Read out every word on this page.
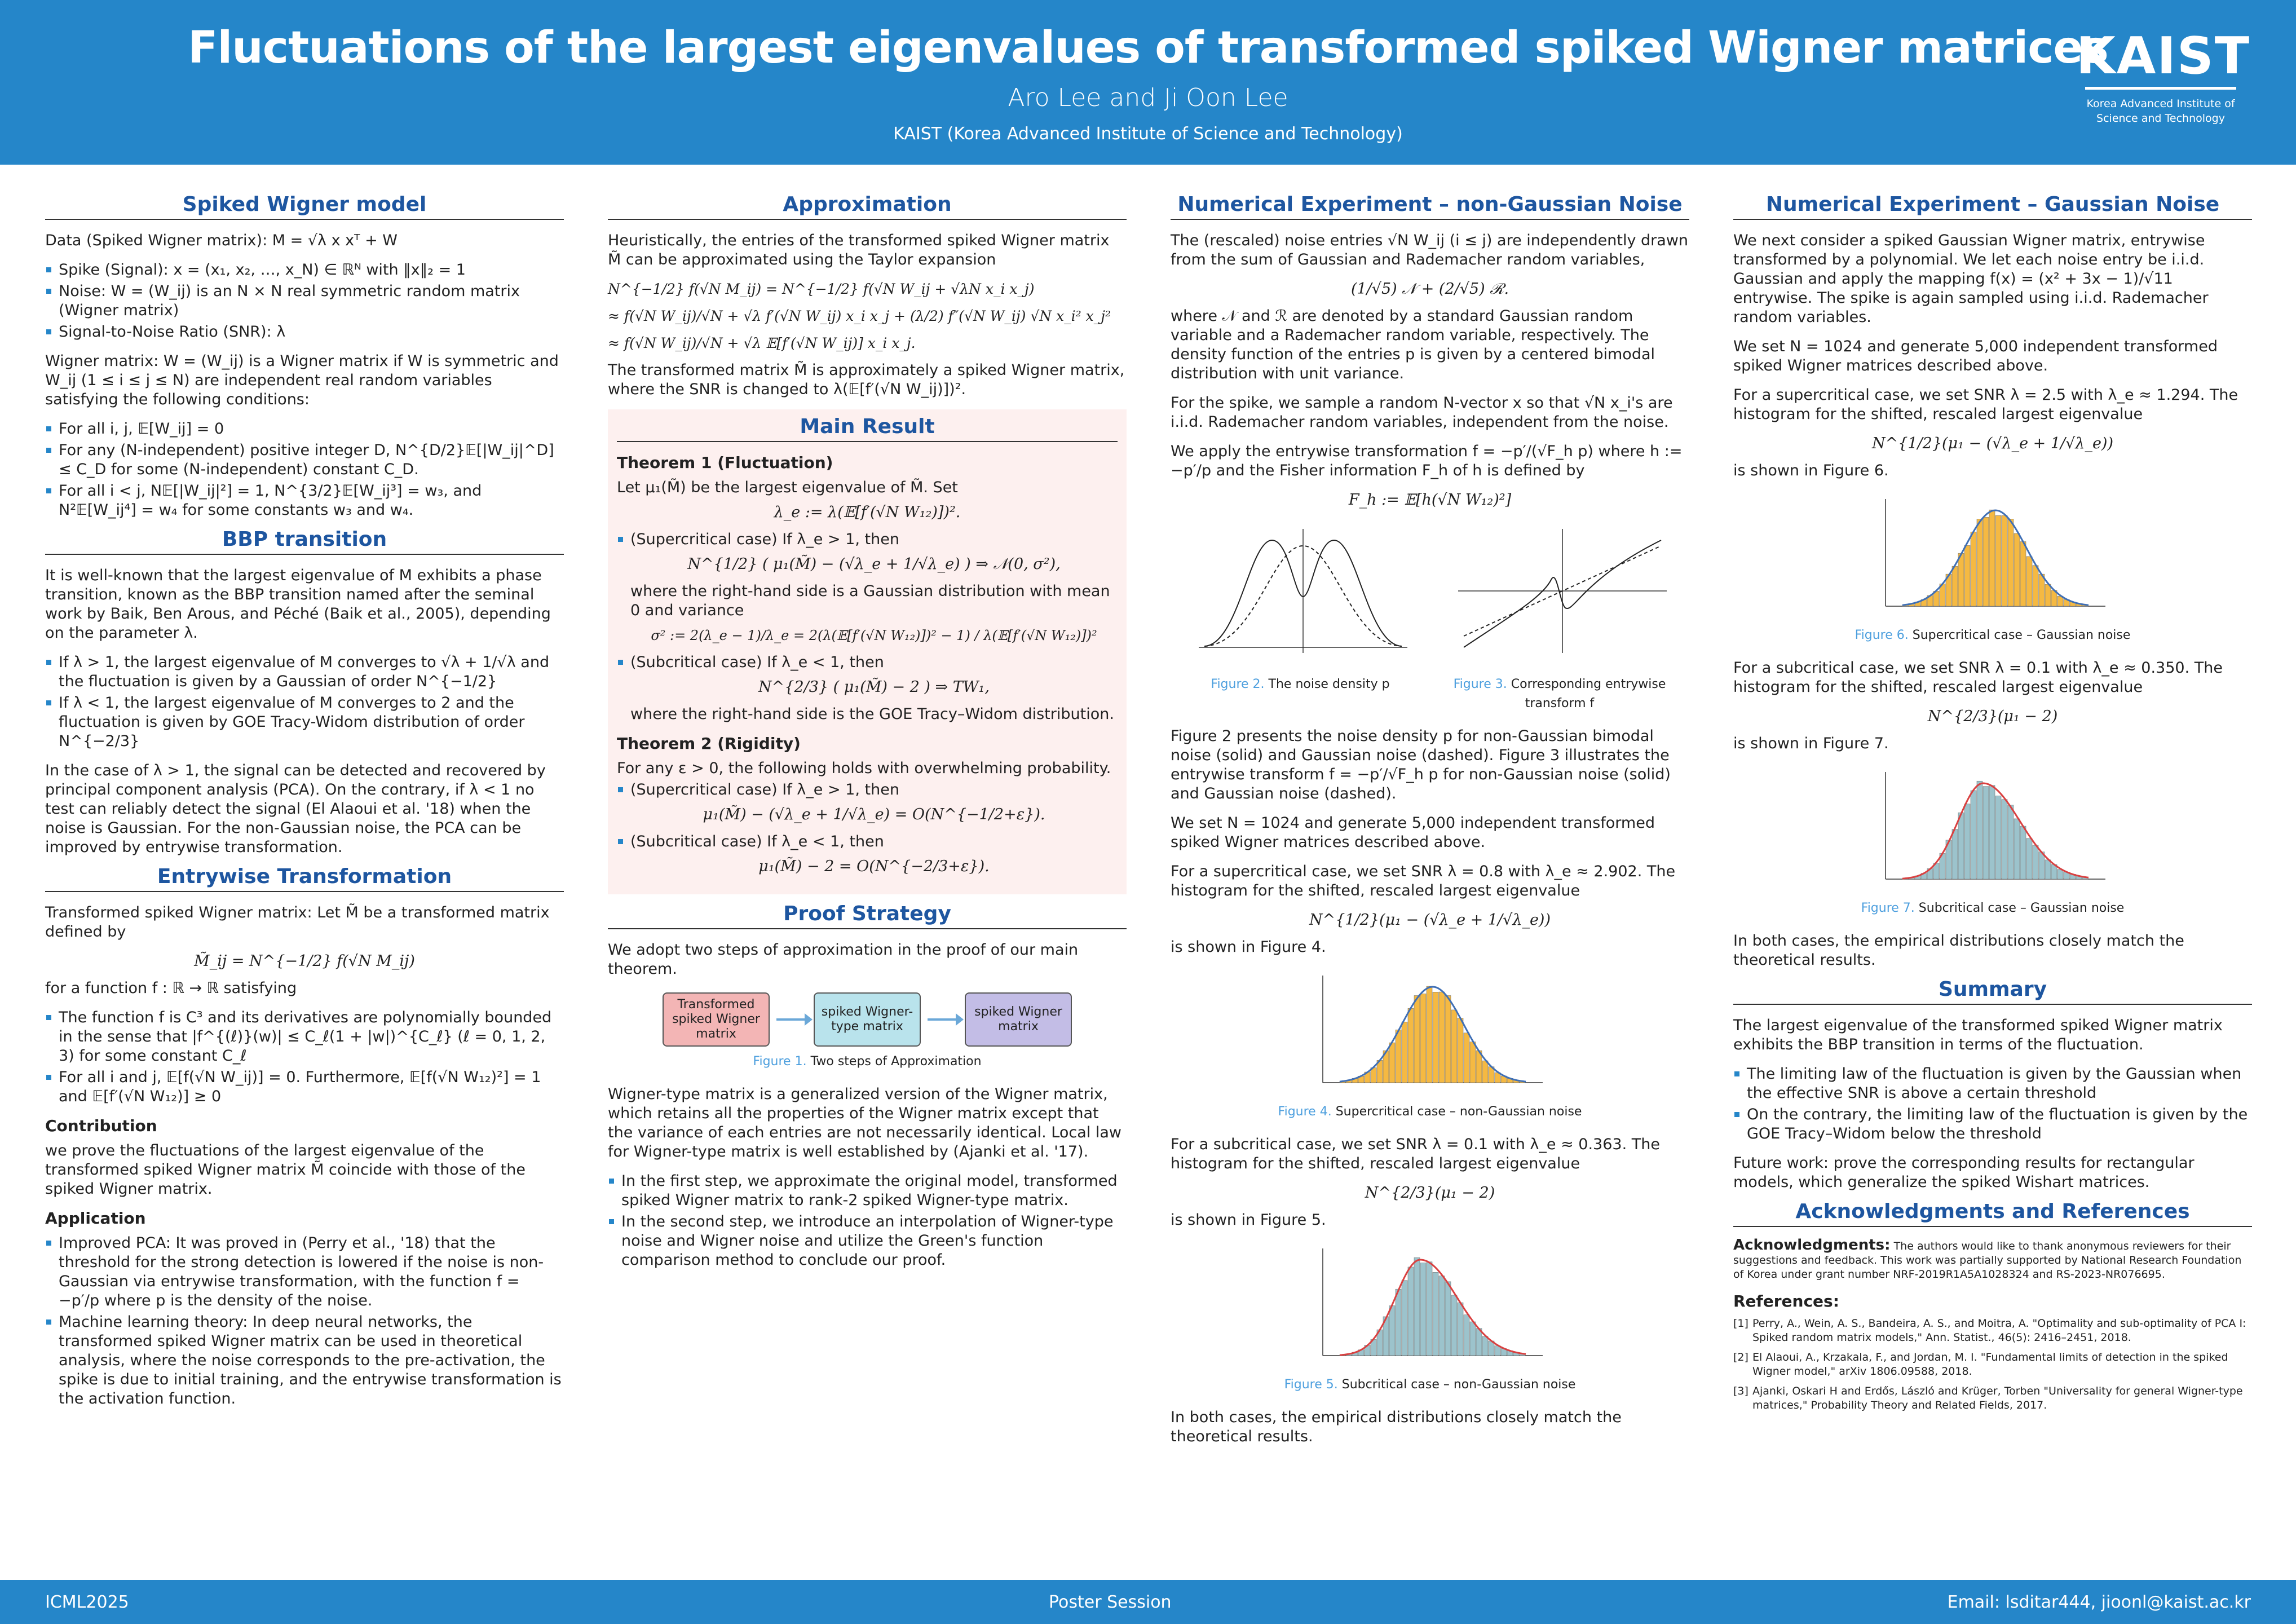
Fluctuations of the largest eigenvalues of transformed spiked Wigner matrices
Aro Lee and Ji Oon Lee
KAIST (Korea Advanced Institute of Science and Technology)
KAIST
Korea Advanced Institute of Science and Technology
Spiked Wigner model

Data (Spiked Wigner matrix): M = √λ x xᵀ + W

Spike (Signal): x = (x₁, x₂, …, x_N) ∈ ℝᴺ with ‖x‖₂ = 1
Noise: W = (W_ij) is an N × N real symmetric random matrix (Wigner matrix)
Signal-to-Noise Ratio (SNR): λ

Wigner matrix: W = (W_ij) is a Wigner matrix if W is symmetric and W_ij (1 ≤ i ≤ j ≤ N) are independent real random variables satisfying the following conditions:

For all i, j, 𝔼[W_ij] = 0
For any (N-independent) positive integer D, N^{D/2}𝔼[|W_ij|^D] ≤ C_D for some (N-independent) constant C_D.
For all i < j, N𝔼[|W_ij|²] = 1, N^{3/2}𝔼[W_ij³] = w₃, and N²𝔼[W_ij⁴] = w₄ for some constants w₃ and w₄.
BBP transition

It is well-known that the largest eigenvalue of M exhibits a phase transition, known as the BBP transition named after the seminal work by Baik, Ben Arous, and Péché (Baik et al., 2005), depending on the parameter λ.

If λ > 1, the largest eigenvalue of M converges to √λ + 1/√λ and the fluctuation is given by a Gaussian of order N^{−1/2}
If λ < 1, the largest eigenvalue of M converges to 2 and the fluctuation is given by GOE Tracy-Widom distribution of order N^{−2/3}

In the case of λ > 1, the signal can be detected and recovered by principal component analysis (PCA). On the contrary, if λ < 1 no test can reliably detect the signal (El Alaoui et al. '18) when the noise is Gaussian. For the non-Gaussian noise, the PCA can be improved by entrywise transformation.

Entrywise Transformation

Transformed spiked Wigner matrix: Let M̃ be a transformed matrix defined by

M̃_ij = N^{−1/2} f(√N M_ij)

for a function f : ℝ → ℝ satisfying

The function f is C³ and its derivatives are polynomially bounded in the sense that |f^{(ℓ)}(w)| ≤ C_ℓ(1 + |w|)^{C_ℓ} (ℓ = 0, 1, 2, 3) for some constant C_ℓ
For all i and j, 𝔼[f(√N W_ij)] = 0. Furthermore, 𝔼[f(√N W₁₂)²] = 1 and 𝔼[f′(√N W₁₂)] ≥ 0
Contribution

we prove the fluctuations of the largest eigenvalue of the transformed spiked Wigner matrix M̃ coincide with those of the spiked Wigner matrix.

Application
Improved PCA: It was proved in (Perry et al., '18) that the threshold for the strong detection is lowered if the noise is non-Gaussian via entrywise transformation, with the function f = −p′/p where p is the density of the noise.
Machine learning theory: In deep neural networks, the transformed spiked Wigner matrix can be used in theoretical analysis, where the noise corresponds to the pre-activation, the spike is due to initial training, and the entrywise transformation is the activation function.
Approximation

Heuristically, the entries of the transformed spiked Wigner matrix M̃ can be approximated using the Taylor expansion

N^{−1/2} f(√N M_ij) = N^{−1/2} f(√N W_ij + √λN x_i x_j)
≈ f(√N W_ij)/√N + √λ f′(√N W_ij) x_i x_j + (λ/2) f″(√N W_ij) √N x_i² x_j²
≈ f(√N W_ij)/√N + √λ 𝔼[f′(√N W_ij)] x_i x_j.

The transformed matrix M̃ is approximately a spiked Wigner matrix, where the SNR is changed to λ(𝔼[f′(√N W_ij)])².

Main Result
Theorem 1 (Fluctuation)

Let μ₁(M̃) be the largest eigenvalue of M̃. Set

λ_e := λ(𝔼[f′(√N W₁₂)])².
(Supercritical case) If λ_e > 1, then
N^{1/2} ( μ₁(M̃) − (√λ_e + 1/√λ_e) ) ⇒ 𝒩(0, σ²),
where the right-hand side is a Gaussian distribution with mean 0 and variance
σ² := 2(λ_e − 1)/λ_e = 2(λ(𝔼[f′(√N W₁₂)])² − 1) / λ(𝔼[f′(√N W₁₂)])²
(Subcritical case) If λ_e < 1, then
N^{2/3} ( μ₁(M̃) − 2 ) ⇒ TW₁,
where the right-hand side is the GOE Tracy–Widom distribution.
Theorem 2 (Rigidity)

For any ε > 0, the following holds with overwhelming probability.

(Supercritical case) If λ_e > 1, then
μ₁(M̃) − (√λ_e + 1/√λ_e) = O(N^{−1/2+ε}).
(Subcritical case) If λ_e < 1, then
μ₁(M̃) − 2 = O(N^{−2/3+ε}).
Proof Strategy

We adopt two steps of approximation in the proof of our main theorem.

Transformed spiked Wigner matrix
spiked Wigner-type matrix
spiked Wigner matrix
Figure 1. Two steps of Approximation

Wigner-type matrix is a generalized version of the Wigner matrix, which retains all the properties of the Wigner matrix except that the variance of each entries are not necessarily identical. Local law for Wigner-type matrix is well established by (Ajanki et al. '17).

In the first step, we approximate the original model, transformed spiked Wigner matrix to rank-2 spiked Wigner-type matrix.
In the second step, we introduce an interpolation of Wigner-type noise and Wigner noise and utilize the Green's function comparison method to conclude our proof.
Numerical Experiment – non-Gaussian Noise

The (rescaled) noise entries √N W_ij (i ≤ j) are independently drawn from the sum of Gaussian and Rademacher random variables,

(1/√5) 𝒩 + (2/√5) ℛ.

where 𝒩 and ℛ are denoted by a standard Gaussian random variable and a Rademacher random variable, respectively. The density function of the entries p is given by a centered bimodal distribution with unit variance.

For the spike, we sample a random N-vector x so that √N x_i's are i.i.d. Rademacher random variables, independent from the noise.

We apply the entrywise transformation f = −p′/(√F_h p) where h := −p′/p and the Fisher information F_h of h is defined by

F_h := 𝔼[h(√N W₁₂)²]
Figure 2. The noise density p	Figure 3. Corresponding entrywise transform f

Figure 2 presents the noise density p for non-Gaussian bimodal noise (solid) and Gaussian noise (dashed). Figure 3 illustrates the entrywise transform f = −p′/√F_h p for non-Gaussian noise (solid) and Gaussian noise (dashed).

We set N = 1024 and generate 5,000 independent transformed spiked Wigner matrices described above.

For a supercritical case, we set SNR λ = 0.8 with λ_e ≈ 2.902. The histogram for the shifted, rescaled largest eigenvalue

N^{1/2}(μ₁ − (√λ_e + 1/√λ_e))

is shown in Figure 4.

Figure 4. Supercritical case – non-Gaussian noise

For a subcritical case, we set SNR λ = 0.1 with λ_e ≈ 0.363. The histogram for the shifted, rescaled largest eigenvalue

N^{2/3}(μ₁ − 2)

is shown in Figure 5.

Figure 5. Subcritical case – non-Gaussian noise

In both cases, the empirical distributions closely match the theoretical results.

Numerical Experiment – Gaussian Noise

We next consider a spiked Gaussian Wigner matrix, entrywise transformed by a polynomial. We let each noise entry be i.i.d. Gaussian and apply the mapping f(x) = (x² + 3x − 1)/√11 entrywise. The spike is again sampled using i.i.d. Rademacher random variables.

We set N = 1024 and generate 5,000 independent transformed spiked Wigner matrices described above.

For a supercritical case, we set SNR λ = 2.5 with λ_e ≈ 1.294. The histogram for the shifted, rescaled largest eigenvalue

N^{1/2}(μ₁ − (√λ_e + 1/√λ_e))

is shown in Figure 6.

Figure 6. Supercritical case – Gaussian noise

For a subcritical case, we set SNR λ = 0.1 with λ_e ≈ 0.350. The histogram for the shifted, rescaled largest eigenvalue

N^{2/3}(μ₁ − 2)

is shown in Figure 7.

Figure 7. Subcritical case – Gaussian noise

In both cases, the empirical distributions closely match the theoretical results.

Summary

The largest eigenvalue of the transformed spiked Wigner matrix exhibits the BBP transition in terms of the fluctuation.

The limiting law of the fluctuation is given by the Gaussian when the effective SNR is above a certain threshold
On the contrary, the limiting law of the fluctuation is given by the GOE Tracy–Widom below the threshold

Future work: prove the corresponding results for rectangular models, which generalize the spiked Wishart matrices.

Acknowledgments and References

Acknowledgments: The authors would like to thank anonymous reviewers for their suggestions and feedback. This work was partially supported by National Research Foundation of Korea under grant number NRF-2019R1A5A1028324 and RS-2023-NR076695.

References:
[1] Perry, A., Wein, A. S., Bandeira, A. S., and Moitra, A. "Optimality and sub-optimality of PCA I: Spiked random matrix models," Ann. Statist., 46(5): 2416–2451, 2018.
[2] El Alaoui, A., Krzakala, F., and Jordan, M. I. "Fundamental limits of detection in the spiked Wigner model," arXiv 1806.09588, 2018.
[3] Ajanki, Oskari H and Erdős, László and Krüger, Torben "Universality for general Wigner-type matrices," Probability Theory and Related Fields, 2017.
ICML2025	Poster Session	Email: lsditar444, jioonl@kaist.ac.kr
